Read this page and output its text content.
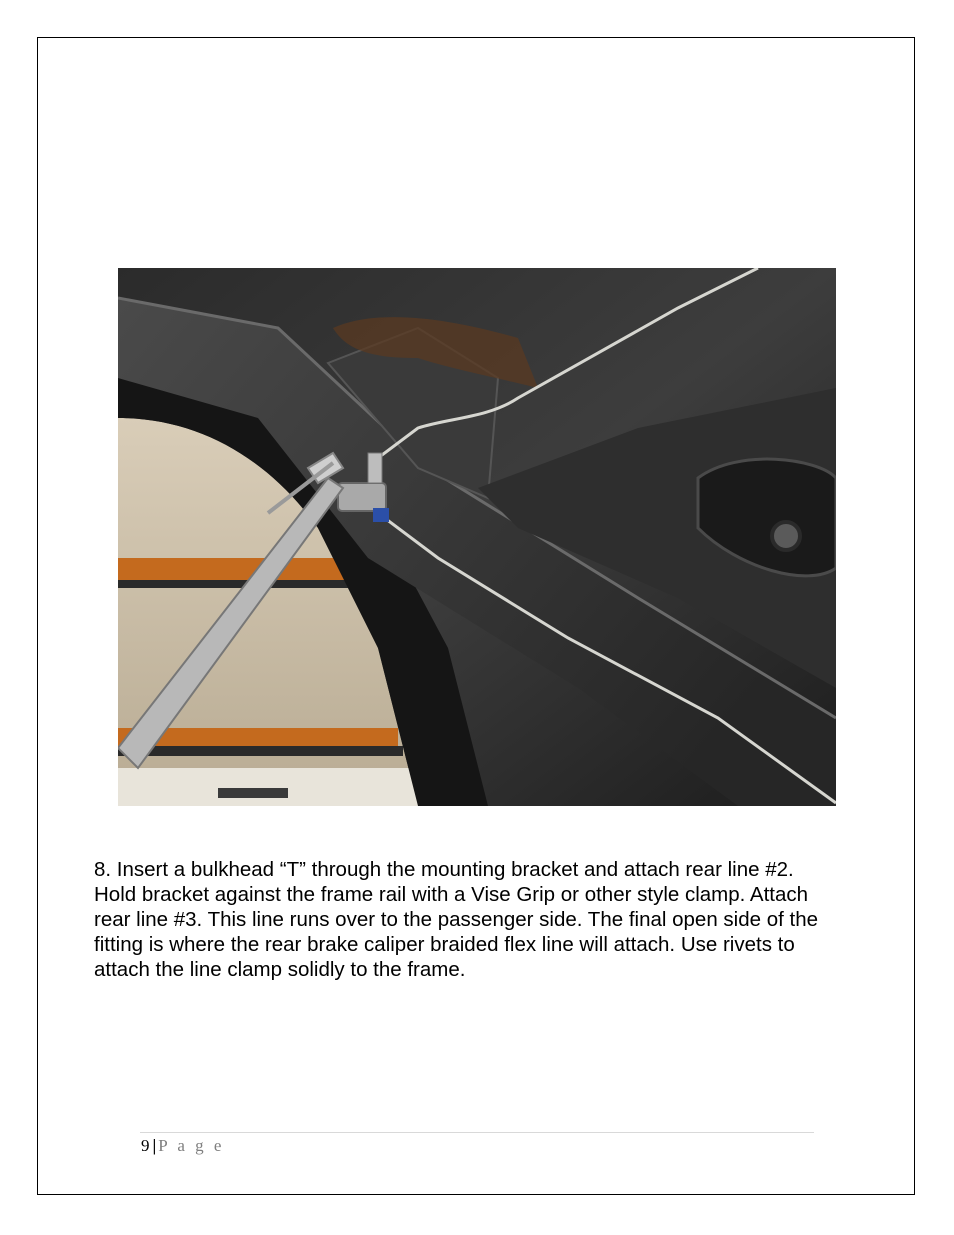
8. Insert a bulkhead “T” through the mounting bracket and attach rear line #2. Hold bracket against the frame rail with a Vise Grip or other style clamp. Attach rear line #3. This line runs over to the passenger side. The final open side of the fitting is where the rear brake caliper braided flex line will attach. Use rivets to attach the line clamp solidly to the frame.

9 | P a g e
